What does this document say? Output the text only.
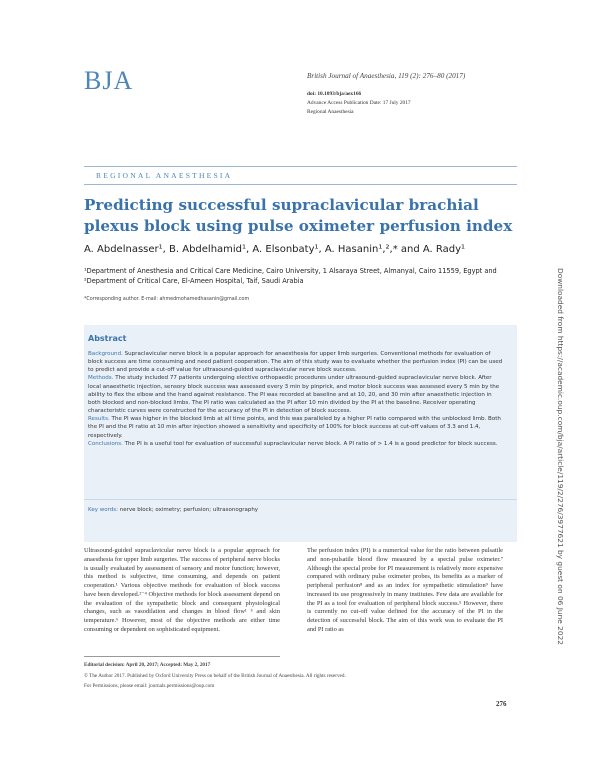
BJA	British Journal of Anaesthesia, 119 (2): 276–80 (2017)
doi: 10.1093/bja/aex166
Advance Access Publication Date: 17 July 2017
Regional Anaesthesia
REGIONAL ANAESTHESIA
Predicting successful supraclavicular brachial plexus block using pulse oximeter perfusion index
A. Abdelnasser¹, B. Abdelhamid¹, A. Elsonbaty¹, A. Hasanin¹,²,* and A. Rady¹
¹Department of Anesthesia and Critical Care Medicine, Cairo University, 1 Alsaraya Street, Almanyal, Cairo 11559, Egypt and ²Department of Critical Care, El-Ameen Hospital, Taif, Saudi Arabia
*Corresponding author. E-mail: ahmedmohamedhasanin@gmail.com
Abstract

Background. Supraclavicular nerve block is a popular approach for anaesthesia for upper limb surgeries. Conventional methods for evaluation of block success are time consuming and need patient cooperation. The aim of this study was to evaluate whether the perfusion index (PI) can be used to predict and provide a cut-off value for ultrasound-guided supraclavicular nerve block success.

Methods. The study included 77 patients undergoing elective orthopaedic procedures under ultrasound-guided supraclavicular nerve block. After local anaesthetic injection, sensory block success was assessed every 3 min by pinprick, and motor block success was assessed every 5 min by the ability to flex the elbow and the hand against resistance. The PI was recorded at baseline and at 10, 20, and 30 min after anaesthetic injection in both blocked and non-blocked limbs. The PI ratio was calculated as the PI after 10 min divided by the PI at the baseline. Receiver operating characteristic curves were constructed for the accuracy of the PI in detection of block success.

Results. The PI was higher in the blocked limb at all time points, and this was paralleled by a higher PI ratio compared with the unblocked limb. Both the PI and the PI ratio at 10 min after injection showed a sensitivity and specificity of 100% for block success at cut-off values of 3.3 and 1.4, respectively.

Conclusions. The PI is a useful tool for evaluation of successful supraclavicular nerve block. A PI ratio of > 1.4 is a good predictor for block success.

Key words: nerve block; oximetry; perfusion; ultrasonography

Ultrasound-guided supraclavicular nerve block is a popular approach for anaesthesia for upper limb surgeries. The success of peripheral nerve blocks is usually evaluated by assessment of sensory and motor function; however, this method is subjective, time consuming, and depends on patient cooperation.¹ Various objective methods for evaluation of block success have been developed.²⁻⁴ Objective methods for block assessment depend on the evaluation of the sympathetic block and consequent physiological changes, such as vasodilation and changes in blood flow¹ ⁵ and skin temperature.⁶ However, most of the objective methods are either time consuming or dependent on sophisticated equipment.

The perfusion index (PI) is a numerical value for the ratio between pulsatile and non-pulsatile blood flow measured by a special pulse oximeter.⁷ Although the special probe for PI measurement is relatively more expensive compared with ordinary pulse oximeter probes, its benefits as a marker of peripheral perfusion⁸ and as an index for sympathetic stimulation⁹ have increased its use progressively in many institutes. Few data are available for the PI as a tool for evaluation of peripheral block success.⁵ However, there is currently no cut-off value defined for the accuracy of the PI in the detection of successful block. The aim of this work was to evaluate the PI and PI ratio as

Editorial decision: April 20, 2017; Accepted: May 2, 2017
© The Author 2017. Published by Oxford University Press on behalf of the British Journal of Anaesthesia. All rights reserved.
For Permissions, please email: journals.permissions@oup.com
276
Downloaded from https://academic.oup.com/bja/article/119/2/276/3977621 by guest on 06 June 2022
